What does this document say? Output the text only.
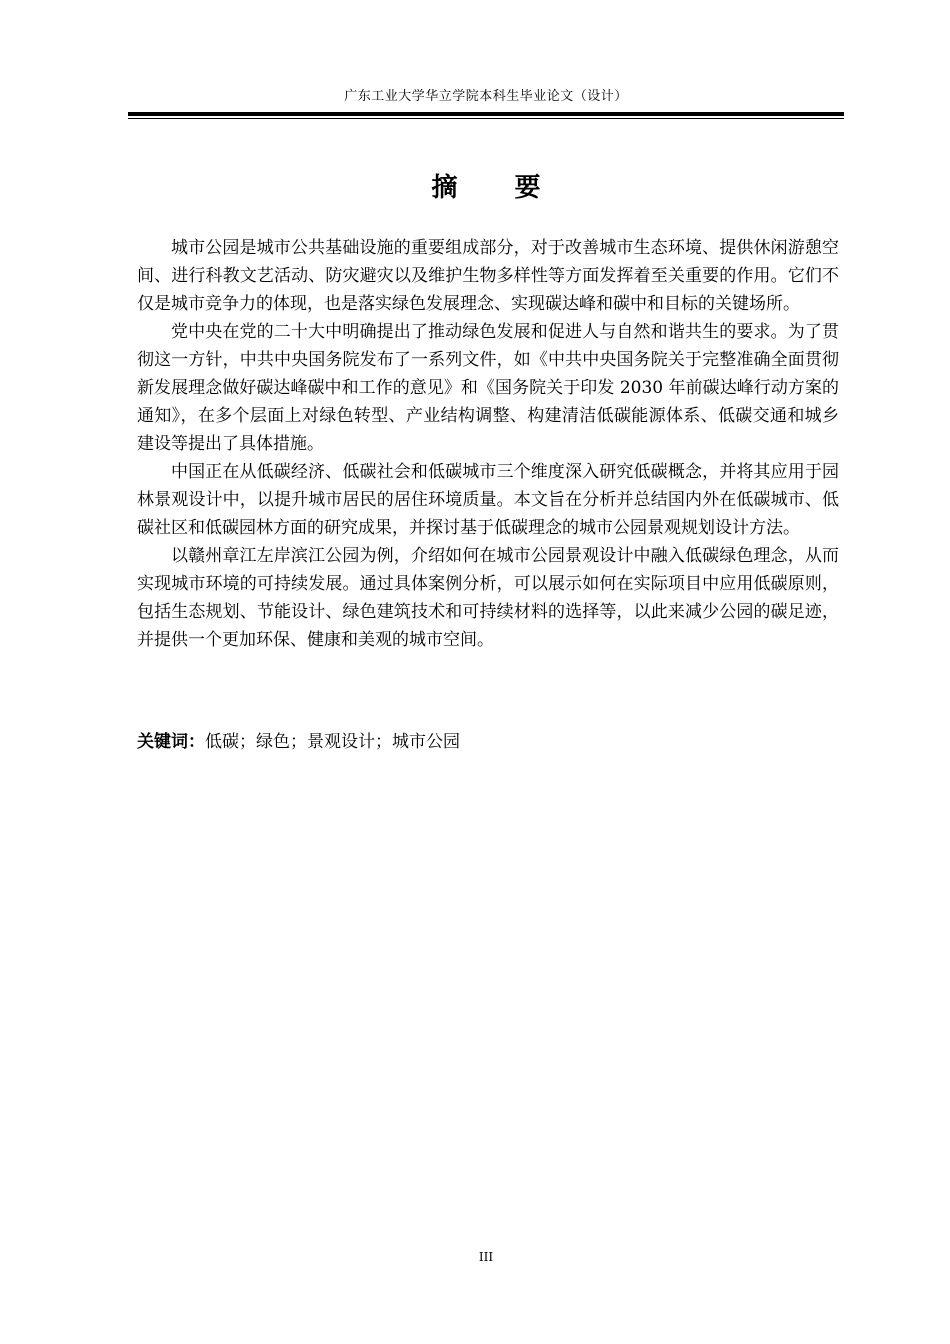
广东工业大学华立学院本科生毕业论文（设计）
摘 要

城市公园是城市公共基础设施的重要组成部分，对于改善城市生态环境、提供休闲游憩空间、进行科教文艺活动、防灾避灾以及维护生物多样性等方面发挥着至关重要的作用。它们不仅是城市竞争力的体现，也是落实绿色发展理念、实现碳达峰和碳中和目标的关键场所。

党中央在党的二十大中明确提出了推动绿色发展和促进人与自然和谐共生的要求。为了贯彻这一方针，中共中央国务院发布了一系列文件，如《中共中央国务院关于完整准确全面贯彻新发展理念做好碳达峰碳中和工作的意见》和《国务院关于印发 2030 年前碳达峰行动方案的通知》，在多个层面上对绿色转型、产业结构调整、构建清洁低碳能源体系、低碳交通和城乡建设等提出了具体措施。

中国正在从低碳经济、低碳社会和低碳城市三个维度深入研究低碳概念，并将其应用于园林景观设计中，以提升城市居民的居住环境质量。本文旨在分析并总结国内外在低碳城市、低碳社区和低碳园林方面的研究成果，并探讨基于低碳理念的城市公园景观规划设计方法。

以赣州章江左岸滨江公园为例，介绍如何在城市公园景观设计中融入低碳绿色理念，从而实现城市环境的可持续发展。通过具体案例分析，可以展示如何在实际项目中应用低碳原则，包括生态规划、节能设计、绿色建筑技术和可持续材料的选择等，以此来减少公园的碳足迹，并提供一个更加环保、健康和美观的城市空间。

关键词：低碳；绿色；景观设计；城市公园
III
